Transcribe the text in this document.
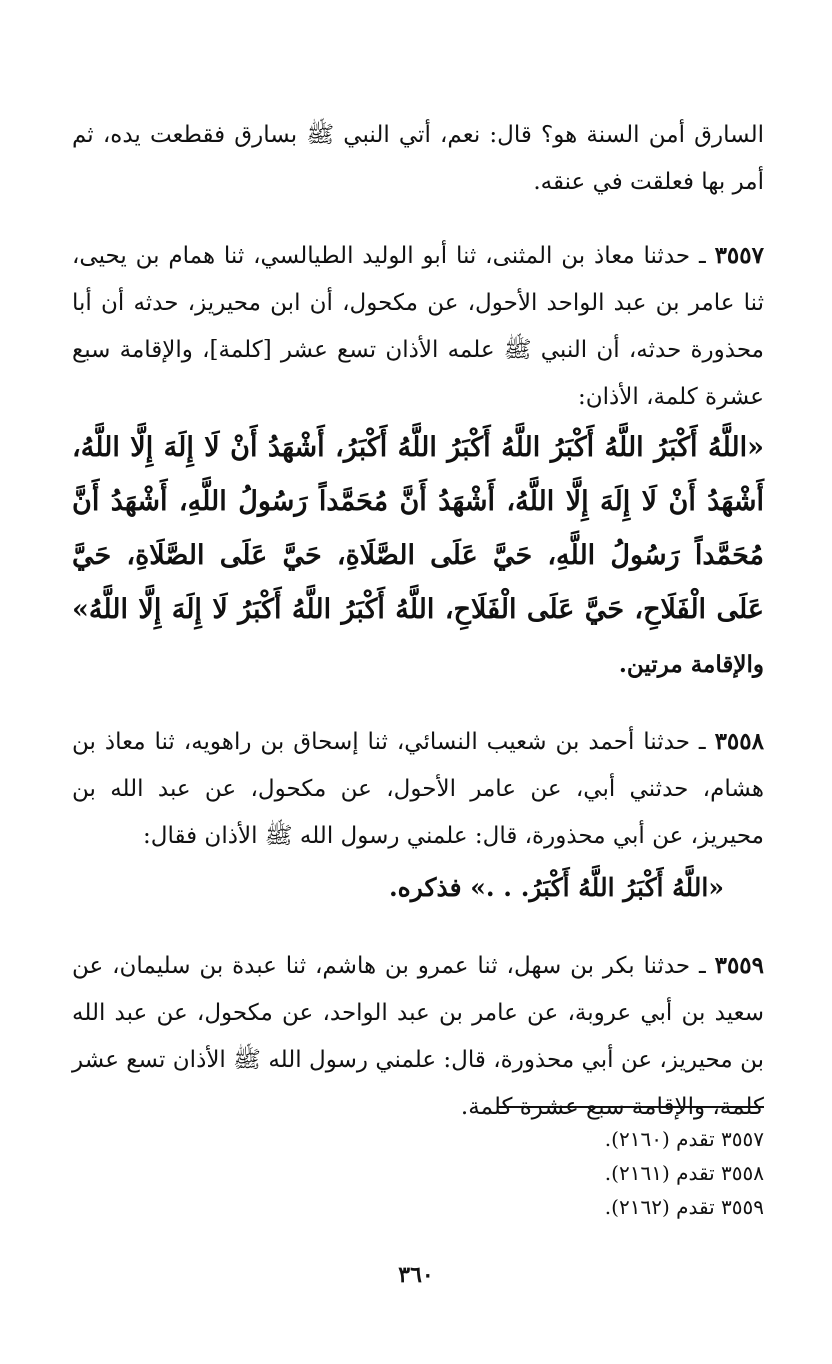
السارق أمن السنة هو؟ قال: نعم، أتي النبي ﷺ بسارق فقطعت يده، ثم أمر بها فعلقت في عنقه.

٣٥٥٧ ـ حدثنا معاذ بن المثنى، ثنا أبو الوليد الطيالسي، ثنا همام بن يحيى، ثنا عامر بن عبد الواحد الأحول، عن مكحول، أن ابن محيريز، حدثه أن أبا محذورة حدثه، أن النبي ﷺ علمه الأذان تسع عشر [كلمة]، والإقامة سبع عشرة كلمة، الأذان:

«اللَّهُ أَكْبَرُ اللَّهُ أَكْبَرُ اللَّهُ أَكْبَرُ اللَّهُ أَكْبَرُ، أَشْهَدُ أَنْ لَا إِلَهَ إِلَّا اللَّهُ، أَشْهَدُ أَنْ لَا إِلَهَ إِلَّا اللَّهُ، أَشْهَدُ أَنَّ مُحَمَّداً رَسُولُ اللَّهِ، أَشْهَدُ أَنَّ مُحَمَّداً رَسُولُ اللَّهِ، حَيَّ عَلَى الصَّلَاةِ، حَيَّ عَلَى الصَّلَاةِ، حَيَّ عَلَى الْفَلَاحِ، حَيَّ عَلَى الْفَلَاحِ، اللَّهُ أَكْبَرُ اللَّهُ أَكْبَرُ لَا إِلَهَ إِلَّا اللَّهُ» والإقامة مرتين.

٣٥٥٨ ـ حدثنا أحمد بن شعيب النسائي، ثنا إسحاق بن راهويه، ثنا معاذ بن هشام، حدثني أبي، عن عامر الأحول، عن مكحول، عن عبد الله بن محيريز، عن أبي محذورة، قال: علمني رسول الله ﷺ الأذان فقال:

«اللَّهُ أَكْبَرُ اللَّهُ أَكْبَرُ. . .» فذكره.

٣٥٥٩ ـ حدثنا بكر بن سهل، ثنا عمرو بن هاشم، ثنا عبدة بن سليمان، عن سعيد بن أبي عروبة، عن عامر بن عبد الواحد، عن مكحول، عن عبد الله بن محيريز، عن أبي محذورة، قال: علمني رسول الله ﷺ الأذان تسع عشر كلمة، والإقامة سبع عشرة كلمة.

٣٥٥٧ تقدم (٢١٦٠).

٣٥٥٨ تقدم (٢١٦١).

٣٥٥٩ تقدم (٢١٦٢).

٣٦٠
